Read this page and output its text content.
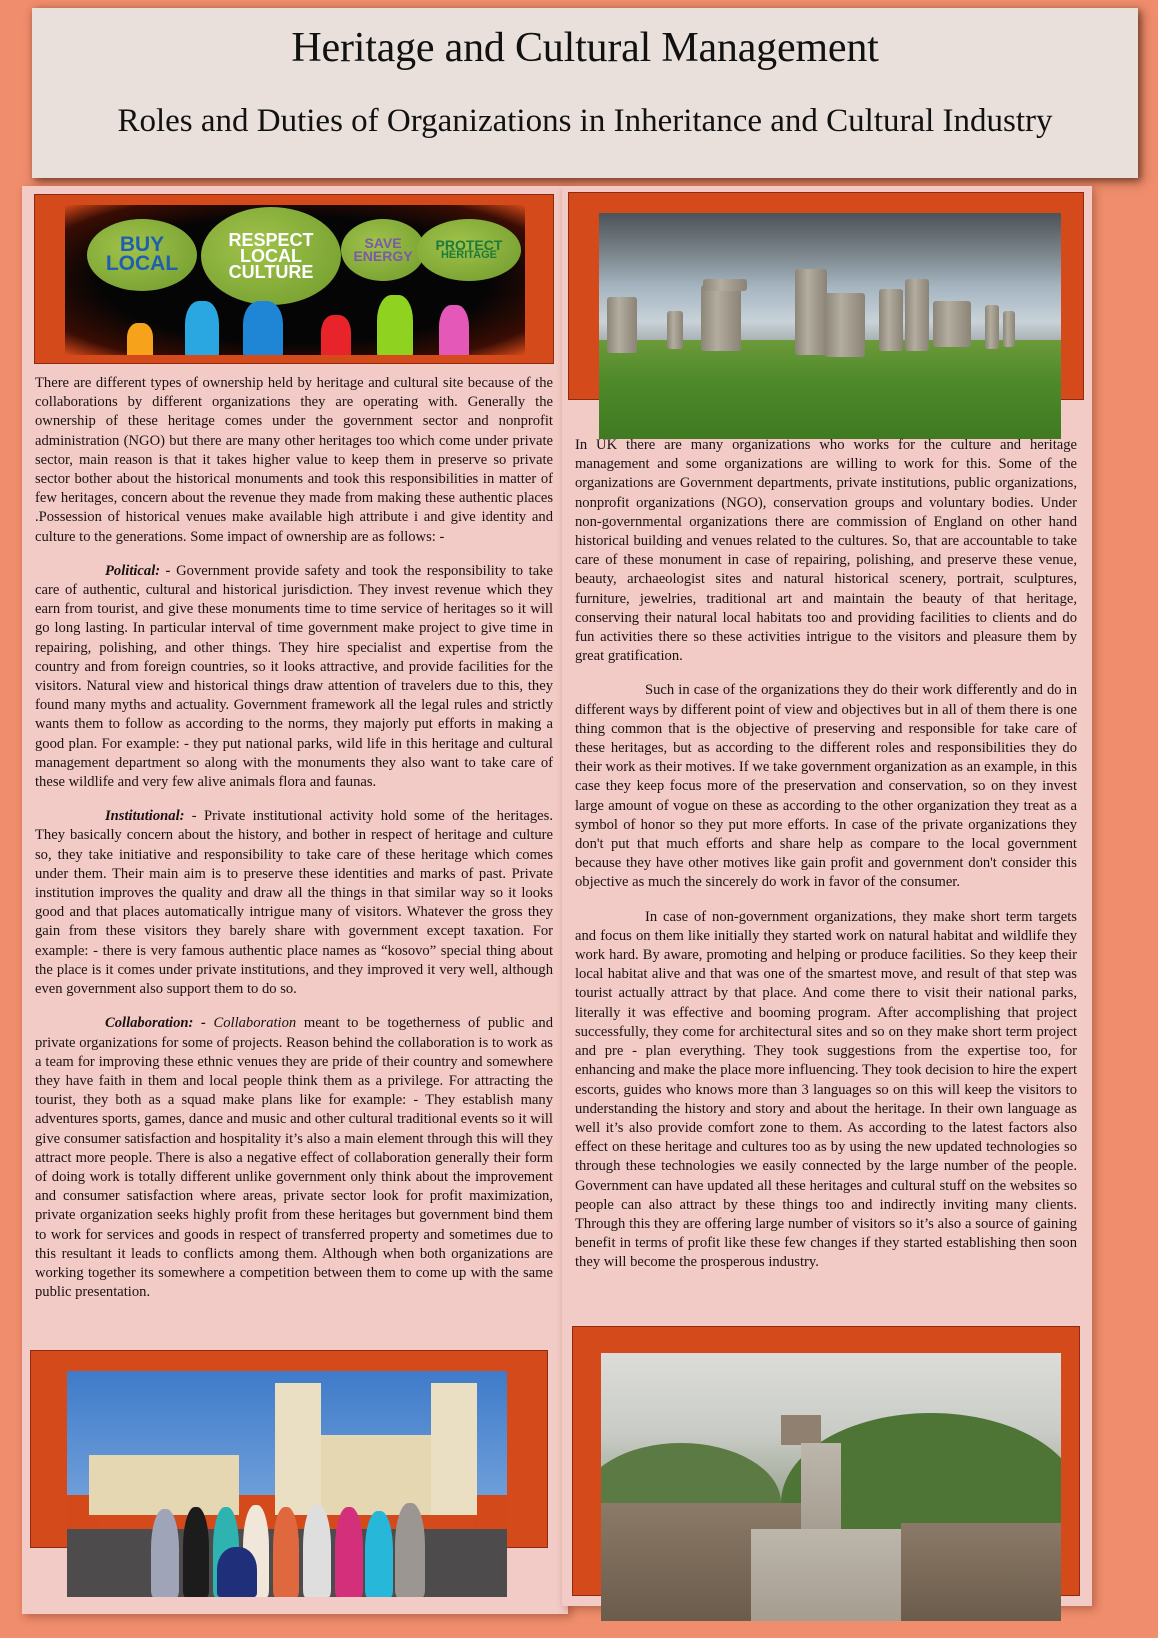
Heritage and Cultural Management
Roles and Duties of Organizations in Inheritance and Cultural Industry
BUY
LOCAL
RESPECT
LOCAL
CULTURE
SAVE
ENERGY
PROTECT
HERITAGE

There are different types of ownership held by heritage and cultural site because of the collaborations by different organizations they are operating with. Generally the ownership of these heritage comes under the government sector and nonprofit administration (NGO) but there are many other heritages too which come under private sector, main reason is that it takes higher value to keep them in preserve so private sector bother about the historical monuments and took this responsibilities in matter of few heritages, concern about the revenue they made from making these authentic places .Possession of historical venues make available high attribute i and give identity and culture to the generations. Some impact of ownership are as follows: -

Political: - Government provide safety and took the responsibility to take care of authentic, cultural and historical jurisdiction. They invest revenue which they earn from tourist, and give these monuments time to time service of heritages so it will go long lasting. In particular interval of time government make project to give time in repairing, polishing, and other things. They hire specialist and expertise from the country and from foreign countries, so it looks attractive, and provide facilities for the visitors. Natural view and historical things draw attention of travelers due to this, they found many myths and actuality. Government framework all the legal rules and strictly wants them to follow as according to the norms, they majorly put efforts in making a good plan. For example: - they put national parks, wild life in this heritage and cultural management department so along with the monuments they also want to take care of these wildlife and very few alive animals flora and faunas.

Institutional: - Private institutional activity hold some of the heritages. They basically concern about the history, and bother in respect of heritage and culture so, they take initiative and responsibility to take care of these heritage which comes under them. Their main aim is to preserve these identities and marks of past. Private institution improves the quality and draw all the things in that similar way so it looks good and that places automatically intrigue many of visitors. Whatever the gross they gain from these visitors they barely share with government except taxation. For example: - there is very famous authentic place names as “kosovo” special thing about the place is it comes under private institutions, and they improved it very well, although even government also support them to do so.

Collaboration: - Collaboration meant to be togetherness of public and private organizations for some of projects. Reason behind the collaboration is to work as a team for improving these ethnic venues they are pride of their country and somewhere they have faith in them and local people think them as a privilege. For attracting the tourist, they both as a squad make plans like for example: - They establish many adventures sports, games, dance and music and other cultural traditional events so it will give consumer satisfaction and hospitality it’s also a main element through this will they attract more people. There is also a negative effect of collaboration generally their form of doing work is totally different unlike government only think about the improvement and consumer satisfaction where areas, private sector look for profit maximization, private organization seeks highly profit from these heritages but government bind them to work for services and goods in respect of transferred property and sometimes due to this resultant it leads to conflicts among them. Although when both organizations are working together its somewhere a competition between them to come up with the same public presentation.

In UK there are many organizations who works for the culture and heritage management and some organizations are willing to work for this. Some of the organizations are Government departments, private institutions, public organizations, nonprofit organizations (NGO), conservation groups and voluntary bodies. Under non-governmental organizations there are commission of England on other hand historical building and venues related to the cultures. So, that are accountable to take care of these monument in case of repairing, polishing, and preserve these venue, beauty, archaeologist sites and natural historical scenery, portrait, sculptures, furniture, jewelries, traditional art and maintain the beauty of that heritage, conserving their natural local habitats too and providing facilities to clients and do fun activities there so these activities intrigue to the visitors and pleasure them by great gratification.

Such in case of the organizations they do their work differently and do in different ways by different point of view and objectives but in all of them there is one thing common that is the objective of preserving and responsible for take care of these heritages, but as according to the different roles and responsibilities they do their work as their motives. If we take government organization as an example, in this case they keep focus more of the preservation and conservation, so on they invest large amount of vogue on these as according to the other organization they treat as a symbol of honor so they put more efforts. In case of the private organizations they don't put that much efforts and share help as compare to the local government because they have other motives like gain profit and government don't consider this objective as much the sincerely do work in favor of the consumer.

In case of non-government organizations, they make short term targets and focus on them like initially they started work on natural habitat and wildlife they work hard. By aware, promoting and helping or produce facilities. So they keep their local habitat alive and that was one of the smartest move, and result of that step was tourist actually attract by that place. And come there to visit their national parks, literally it was effective and booming program. After accomplishing that project successfully, they come for architectural sites and so on they make short term project and pre - plan everything. They took suggestions from the expertise too, for enhancing and make the place more influencing. They took decision to hire the expert escorts, guides who knows more than 3 languages so on this will keep the visitors to understanding the history and story and about the heritage. In their own language as well it’s also provide comfort zone to them. As according to the latest factors also effect on these heritage and cultures too as by using the new updated technologies so through these technologies we easily connected by the large number of the people. Government can have updated all these heritages and cultural stuff on the websites so people can also attract by these things too and indirectly inviting many clients. Through this they are offering large number of visitors so it’s also a source of gaining benefit in terms of profit like these few changes if they started establishing then soon they will become the prosperous industry.
